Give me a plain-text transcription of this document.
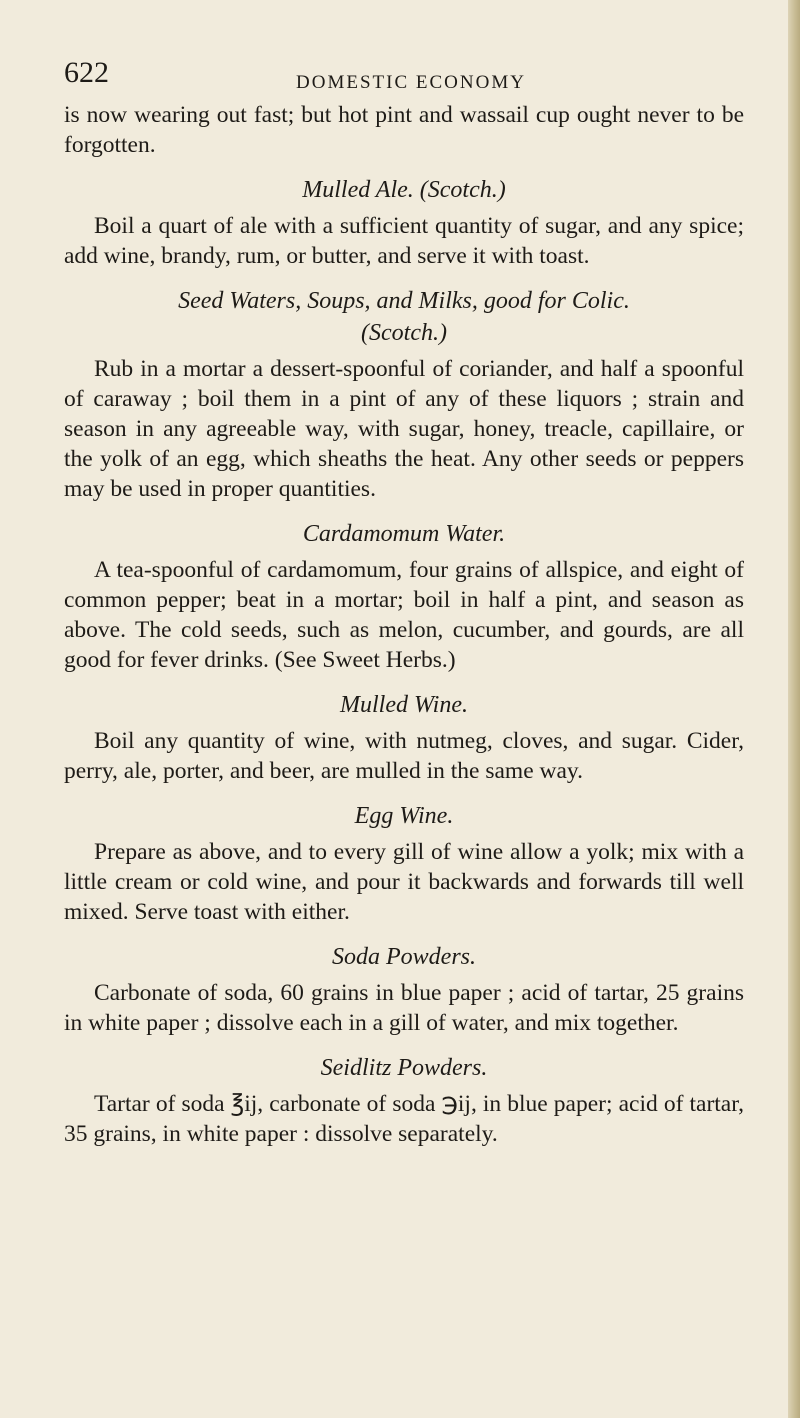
622	DOMESTIC ECONOMY

is now wearing out fast; but hot pint and wassail cup ought never to be forgotten.

Mulled Ale. (Scotch.)

Boil a quart of ale with a sufficient quantity of sugar, and any spice; add wine, brandy, rum, or butter, and serve it with toast.

Seed Waters, Soups, and Milks, good for Colic.
(Scotch.)

Rub in a mortar a dessert-spoonful of coriander, and half a spoonful of caraway ; boil them in a pint of any of these liquors ; strain and season in any agreeable way, with sugar, honey, treacle, capillaire, or the yolk of an egg, which sheaths the heat. Any other seeds or peppers may be used in proper quantities.

Cardamomum Water.

A tea-spoonful of cardamomum, four grains of allspice, and eight of common pepper; beat in a mortar; boil in half a pint, and season as above. The cold seeds, such as melon, cucumber, and gourds, are all good for fever drinks. (See Sweet Herbs.)

Mulled Wine.

Boil any quantity of wine, with nutmeg, cloves, and sugar. Cider, perry, ale, porter, and beer, are mulled in the same way.

Egg Wine.

Prepare as above, and to every gill of wine allow a yolk; mix with a little cream or cold wine, and pour it backwards and forwards till well mixed. Serve toast with either.

Soda Powders.

Carbonate of soda, 60 grains in blue paper ; acid of tartar, 25 grains in white paper ; dissolve each in a gill of water, and mix together.

Seidlitz Powders.

Tartar of soda ℥ij, carbonate of soda ℈ij, in blue paper; acid of tartar, 35 grains, in white paper : dissolve separately.
